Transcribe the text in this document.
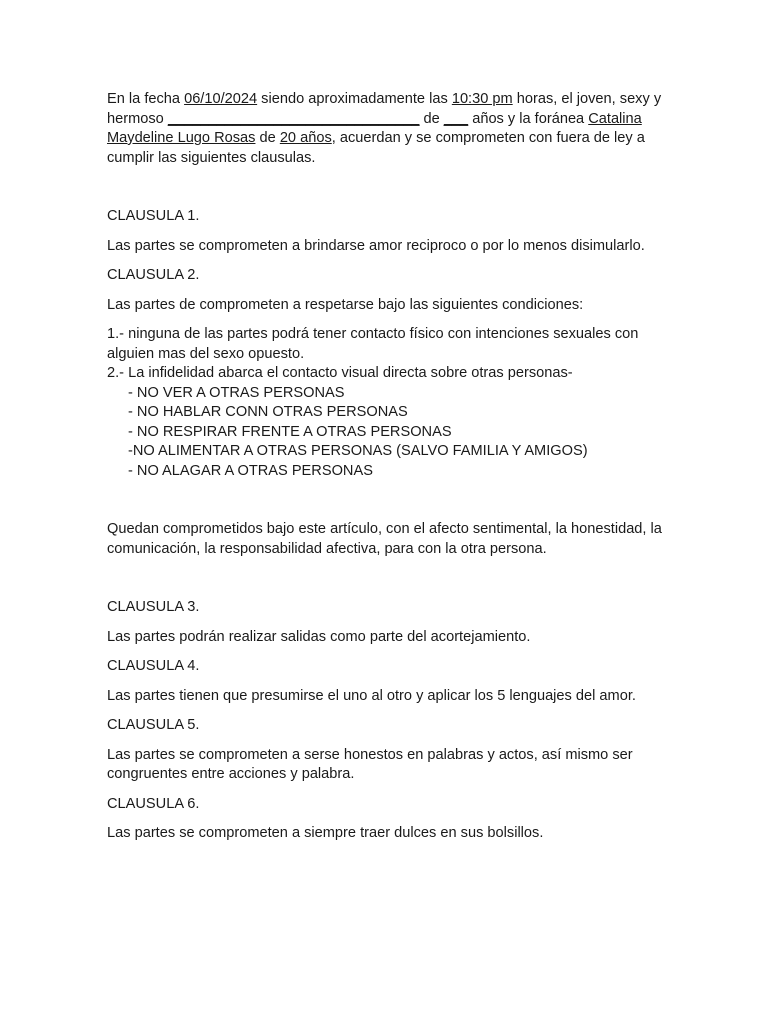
En la fecha 06/10/2024 siendo aproximadamente las 10:30 pm horas, el joven, sexy y hermoso _______________________________ de ___ años y la foránea Catalina Maydeline Lugo Rosas de 20 años, acuerdan y se comprometen con fuera de ley a cumplir las siguientes clausulas.

CLAUSULA 1.

Las partes se comprometen a brindarse amor reciproco o por lo menos disimularlo.

CLAUSULA 2.

Las partes de comprometen a respetarse bajo las siguientes condiciones:

1.- ninguna de las partes podrá tener contacto físico con intenciones sexuales con alguien mas del sexo opuesto.

2.- La infidelidad abarca el contacto visual directa sobre otras personas-

- NO VER A OTRAS PERSONAS

- NO HABLAR CONN OTRAS PERSONAS

- NO RESPIRAR FRENTE A OTRAS PERSONAS

-NO ALIMENTAR A OTRAS PERSONAS (SALVO FAMILIA Y AMIGOS)

- NO ALAGAR A OTRAS PERSONAS

Quedan comprometidos bajo este artículo, con el afecto sentimental, la honestidad, la comunicación, la responsabilidad afectiva, para con la otra persona.

CLAUSULA 3.

Las partes podrán realizar salidas como parte del acortejamiento.

CLAUSULA 4.

Las partes tienen que presumirse el uno al otro y aplicar los 5 lenguajes del amor.

CLAUSULA 5.

Las partes se comprometen a serse honestos en palabras y actos, así mismo ser congruentes entre acciones y palabra.

CLAUSULA 6.

Las partes se comprometen a siempre traer dulces en sus bolsillos.
